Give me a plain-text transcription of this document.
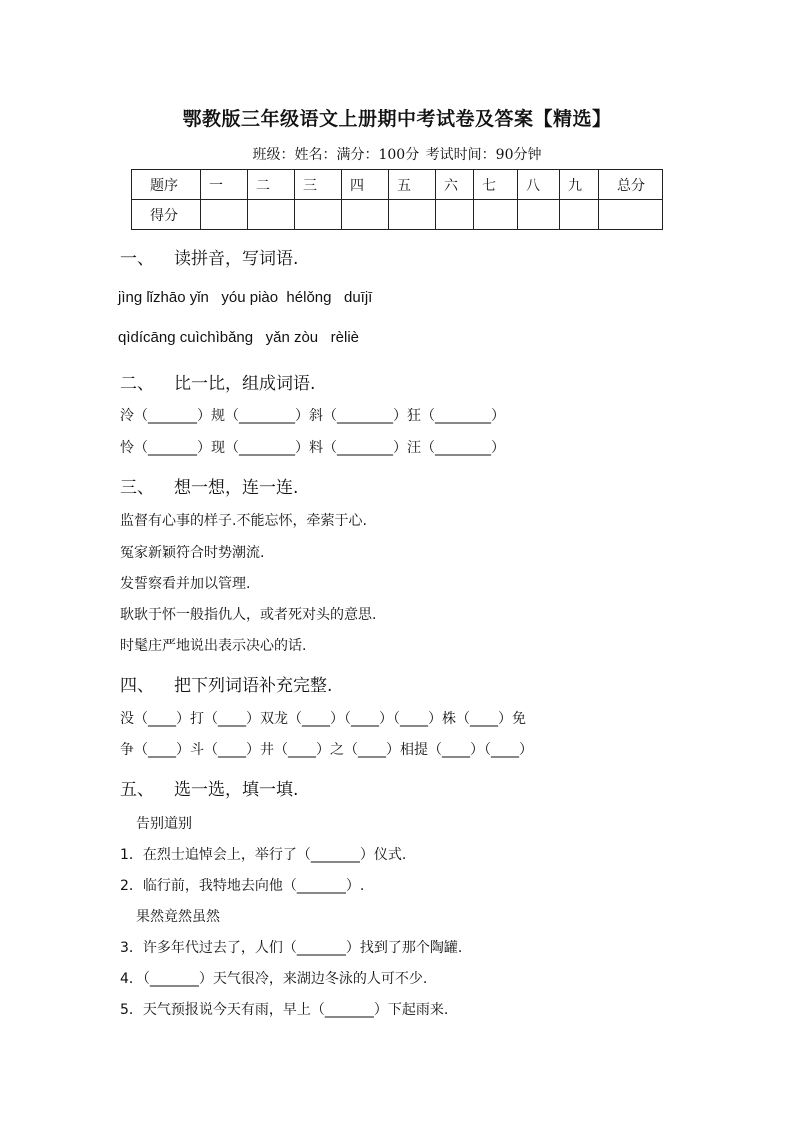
鄂教版三年级语文上册期中考试卷及答案【精选】
班级：姓名：满分：100分 考试时间：90分钟
题序	一	二	三	四	五	六	七	八	九	总分
得分										
一、 读拼音，写词语.
jìng lǐzhāo yǐn   yóu piào  hélǒng   duījī
qìdícāng cuìchìbǎng   yǎn zòu   rèliè
二、 比一比，组成词语.
泠（_______）规（________）斜（________）狂（________）
怜（_______）现（________）料（________）汪（________）
三、 想一想，连一连.
监督有心事的样子.不能忘怀，牵萦于心.
冤家新颖符合时势潮流.
发誓察看并加以管理.
耿耿于怀一般指仇人，或者死对头的意思.
时髦庄严地说出表示决心的话.
四、 把下列词语补充完整.
没（____）打（____）双龙（____）（____）（____）株（____）免
争（____）斗（____）井（____）之（____）相提（____）（____）
五、 选一选，填一填.
告别道别
1．在烈士追悼会上，举行了（_______）仪式.
2．临行前，我特地去向他（_______）.
果然竟然虽然
3．许多年代过去了，人们（_______）找到了那个陶罐.
4．（_______）天气很冷，来湖边冬泳的人可不少.
5．天气预报说今天有雨，早上（_______）下起雨来.
